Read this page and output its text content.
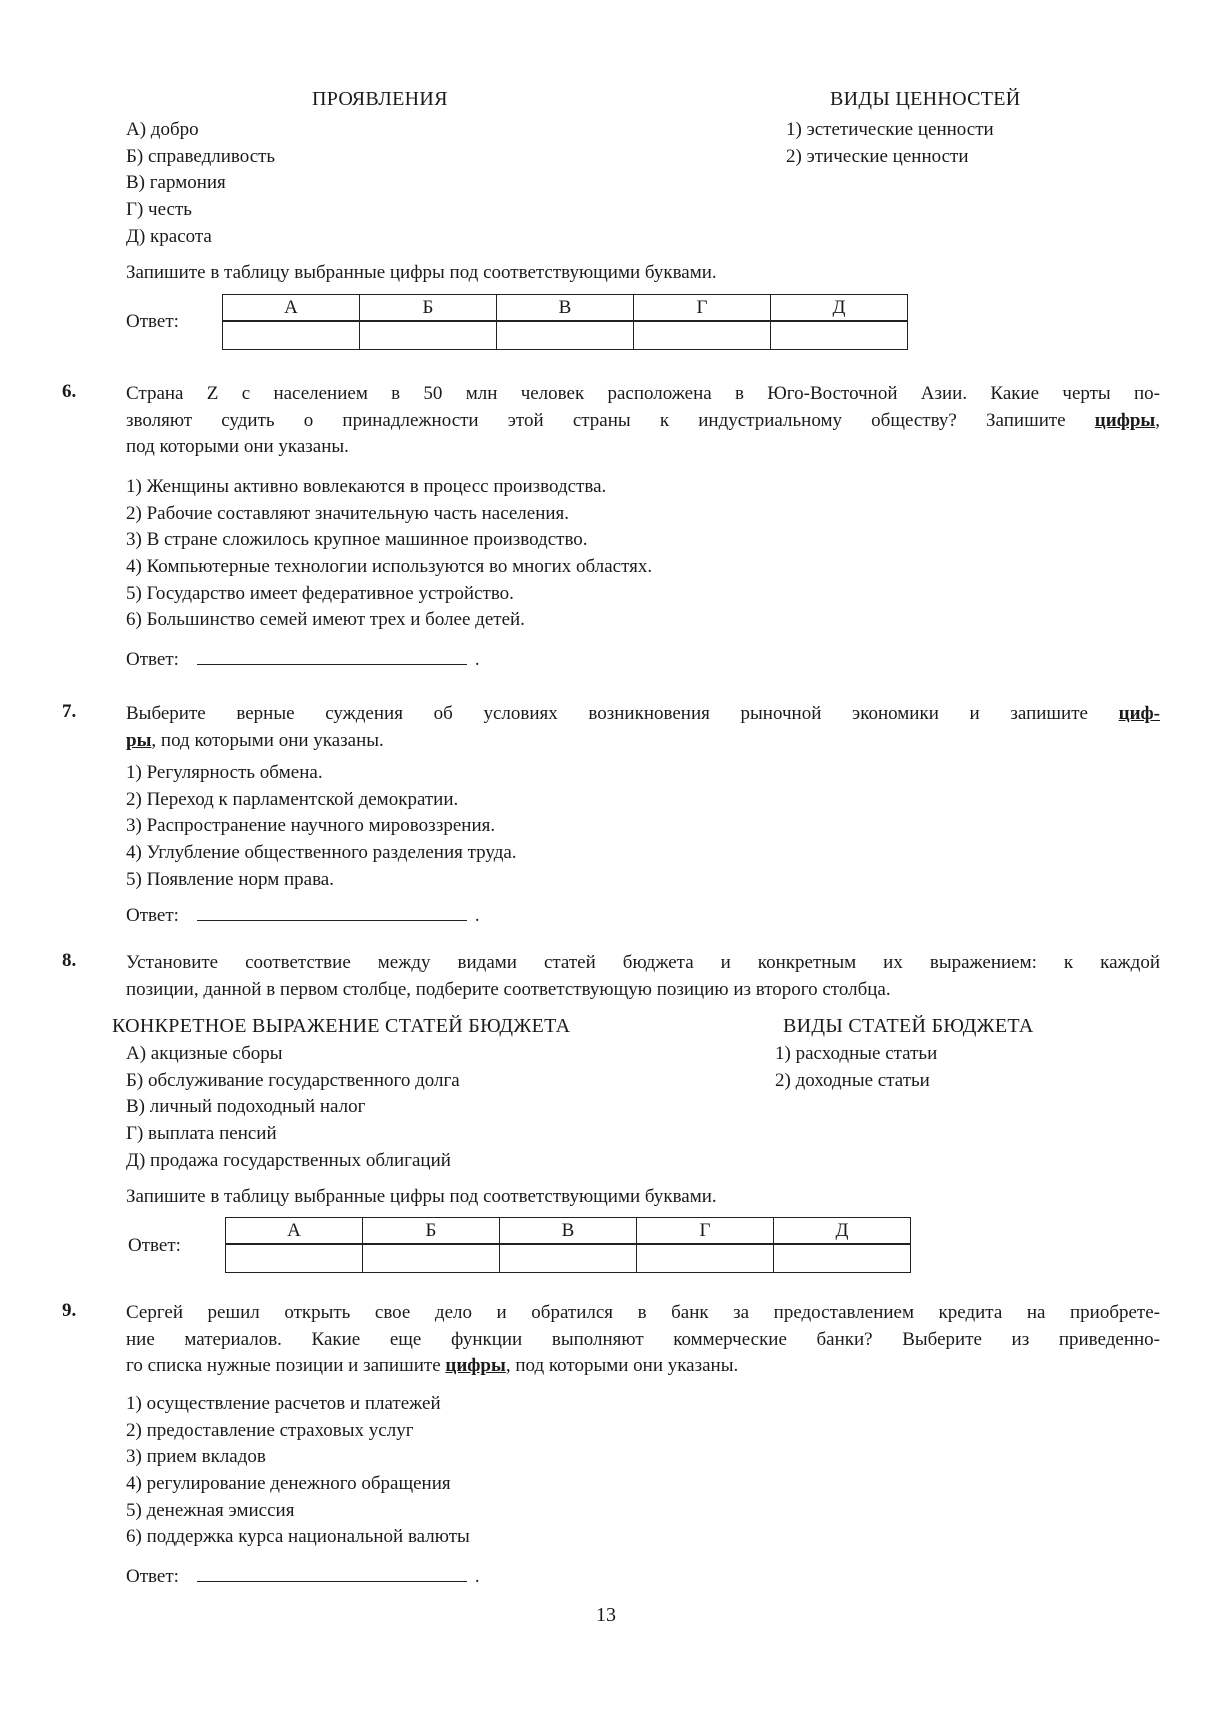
ПРОЯВЛЕНИЯ	ВИДЫ ЦЕННОСТЕЙ
А) добро
Б) справедливость
В) гармония
Г) честь
Д) красота
1) эстетические ценности
2) этические ценности
Запишите в таблицу выбранные цифры под соответствующими буквами.
Ответ:
А	Б	В	Г	Д

6.	Страна Z с населением в 50 млн человек расположена в Юго-Восточной Азии. Какие черты по-
зволяют судить о принадлежности этой страны к индустриальному обществу? Запишите цифры,
под которыми они указаны.
1) Женщины активно вовлекаются в процесс производства.
2) Рабочие составляют значительную часть населения.
3) В стране сложилось крупное машинное производство.
4) Компьютерные технологии используются во многих областях.
5) Государство имеет федеративное устройство.
6) Большинство семей имеют трех и более детей.
Ответ:	.
7.	Выберите верные суждения об условиях возникновения рыночной экономики и запишите циф-
ры, под которыми они указаны.
1) Регулярность обмена.
2) Переход к парламентской демократии.
3) Распространение научного мировоззрения.
4) Углубление общественного разделения труда.
5) Появление норм права.
Ответ:	.
8.	Установите соответствие между видами статей бюджета и конкретным их выражением: к каждой
позиции, данной в первом столбце, подберите соответствующую позицию из второго столбца.
КОНКРЕТНОЕ ВЫРАЖЕНИЕ СТАТЕЙ БЮДЖЕТА	ВИДЫ СТАТЕЙ БЮДЖЕТА
А) акцизные сборы
Б) обслуживание государственного долга
В) личный подоходный налог
Г) выплата пенсий
Д) продажа государственных облигаций
1) расходные статьи
2) доходные статьи
Запишите в таблицу выбранные цифры под соответствующими буквами.
Ответ:
А	Б	В	Г	Д

9.	Сергей решил открыть свое дело и обратился в банк за предоставлением кредита на приобрете-
ние материалов. Какие еще функции выполняют коммерческие банки? Выберите из приведенно-
го списка нужные позиции и запишите цифры, под которыми они указаны.
1) осуществление расчетов и платежей
2) предоставление страховых услуг
3) прием вкладов
4) регулирование денежного обращения
5) денежная эмиссия
6) поддержка курса национальной валюты
Ответ:	.
13
